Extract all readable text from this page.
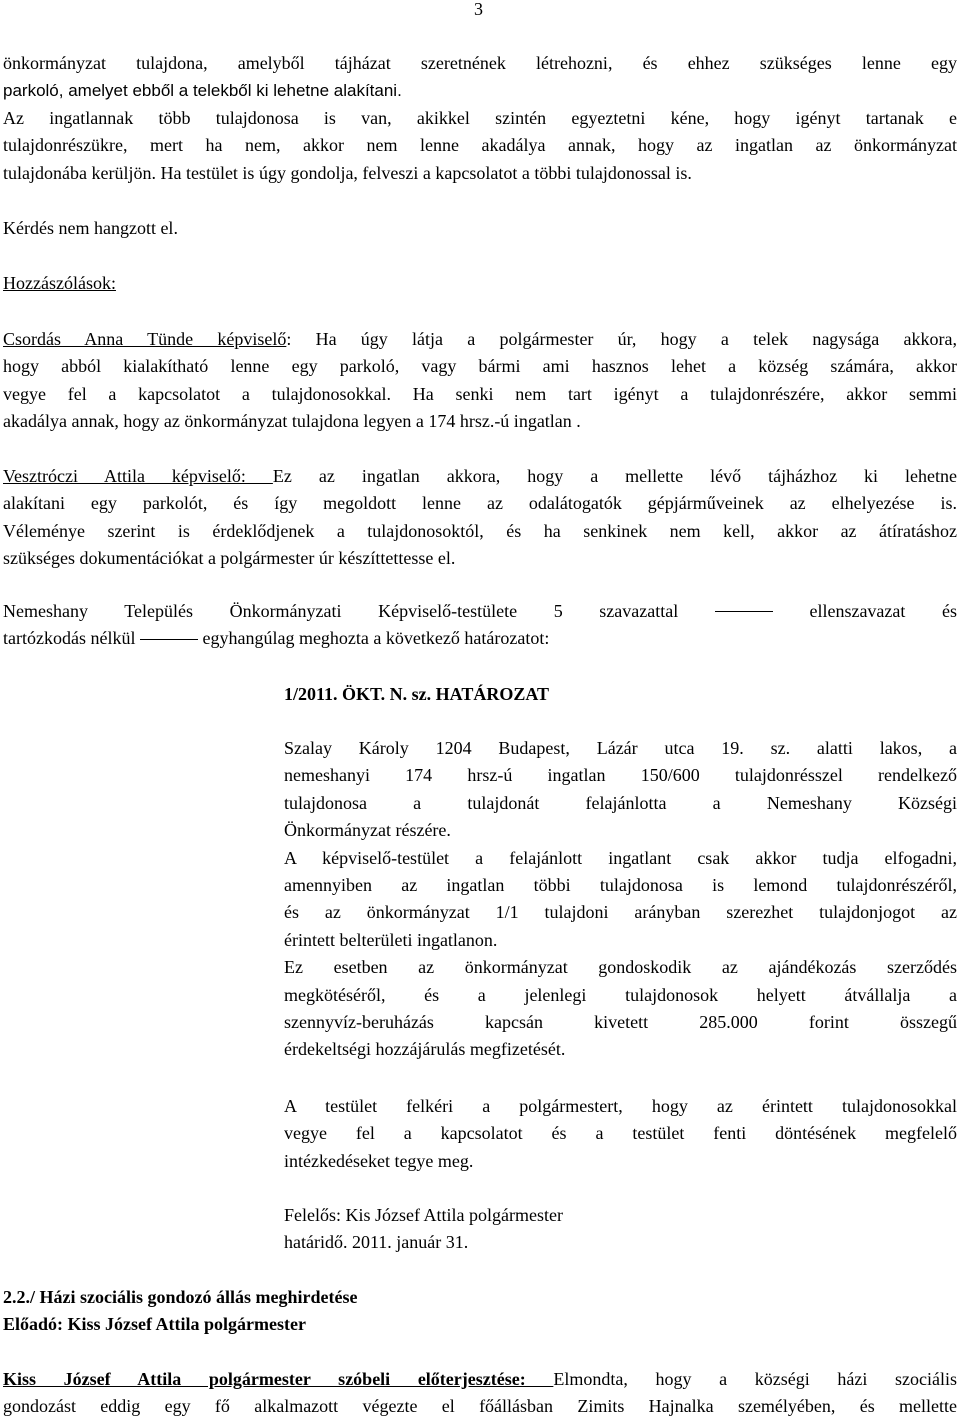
3
önkormányzat tulajdona, amelyből tájházat szeretnének létrehozni, és ehhez szükséges lenne egy
parkoló, amelyet ebből a telekből ki lehetne alakítani.
Az ingatlannak több tulajdonosa is van, akikkel szintén egyeztetni kéne, hogy igényt tartanak e
tulajdonrészükre, mert ha nem, akkor nem lenne akadálya annak, hogy az ingatlan az önkormányzat
tulajdonába kerüljön. Ha testület is úgy gondolja, felveszi a kapcsolatot a többi tulajdonossal is.
Kérdés nem hangzott el.
Hozzászólások:
Csordás Anna Tünde képviselő: Ha úgy látja a polgármester úr, hogy a telek nagysága akkora,
hogy abból kialakítható lenne egy parkoló, vagy bármi ami hasznos lehet a község számára, akkor
vegye fel a kapcsolatot a tulajdonosokkal. Ha senki nem tart igényt a tulajdonrészére, akkor semmi
akadálya annak, hogy az önkormányzat tulajdona legyen a 174 hrsz.-ú ingatlan .
Vesztróczi Attila képviselő: Ez az ingatlan akkora, hogy a mellette lévő tájházhoz ki lehetne
alakítani egy parkolót, és így megoldott lenne az odalátogatók gépjárműveinek az elhelyezése is.
Véleménye szerint is érdeklődjenek a tulajdonosoktól, és ha senkinek nem kell, akkor az átíratáshoz
szükséges dokumentációkat a polgármester úr készíttettesse el.
Nemeshany Település Önkormányzati Képviselő-testülete 5 szavazattal	ellenszavazat és
tartózkodás nélkül	egyhangúlag meghozta a következő határozatot:
1/2011. ÖKT. N. sz. HATÁROZAT
Szalay Károly 1204 Budapest, Lázár utca 19. sz. alatti lakos, a
nemeshanyi 174 hrsz-ú ingatlan 150/600 tulajdonrésszel rendelkező
tulajdonosa a tulajdonát felajánlotta a Nemeshany Községi
Önkormányzat részére.
A képviselő-testület a felajánlott ingatlant csak akkor tudja elfogadni,
amennyiben az ingatlan többi tulajdonosa is lemond tulajdonrészéről,
és az önkormányzat 1/1 tulajdoni arányban szerezhet tulajdonjogot az
érintett belterületi ingatlanon.
Ez esetben az önkormányzat gondoskodik az ajándékozás szerződés
megkötéséről, és a jelenlegi tulajdonosok helyett átvállalja a
szennyvíz-beruházás kapcsán kivetett 285.000 forint összegű
érdekeltségi hozzájárulás megfizetését.
A testület felkéri a polgármestert, hogy az érintett tulajdonosokkal
vegye fel a kapcsolatot és a testület fenti döntésének megfelelő
intézkedéseket tegye meg.
Felelős: Kis József Attila polgármester
határidő. 2011. január 31.
2.2./ Házi szociális gondozó állás meghirdetése
Előadó: Kiss József Attila polgármester
Kiss József Attila polgármester szóbeli előterjesztése: Elmondta, hogy a községi házi szociális
gondozást eddig egy fő alkalmazott végezte el főállásban Zimits Hajnalka személyében, és mellette
